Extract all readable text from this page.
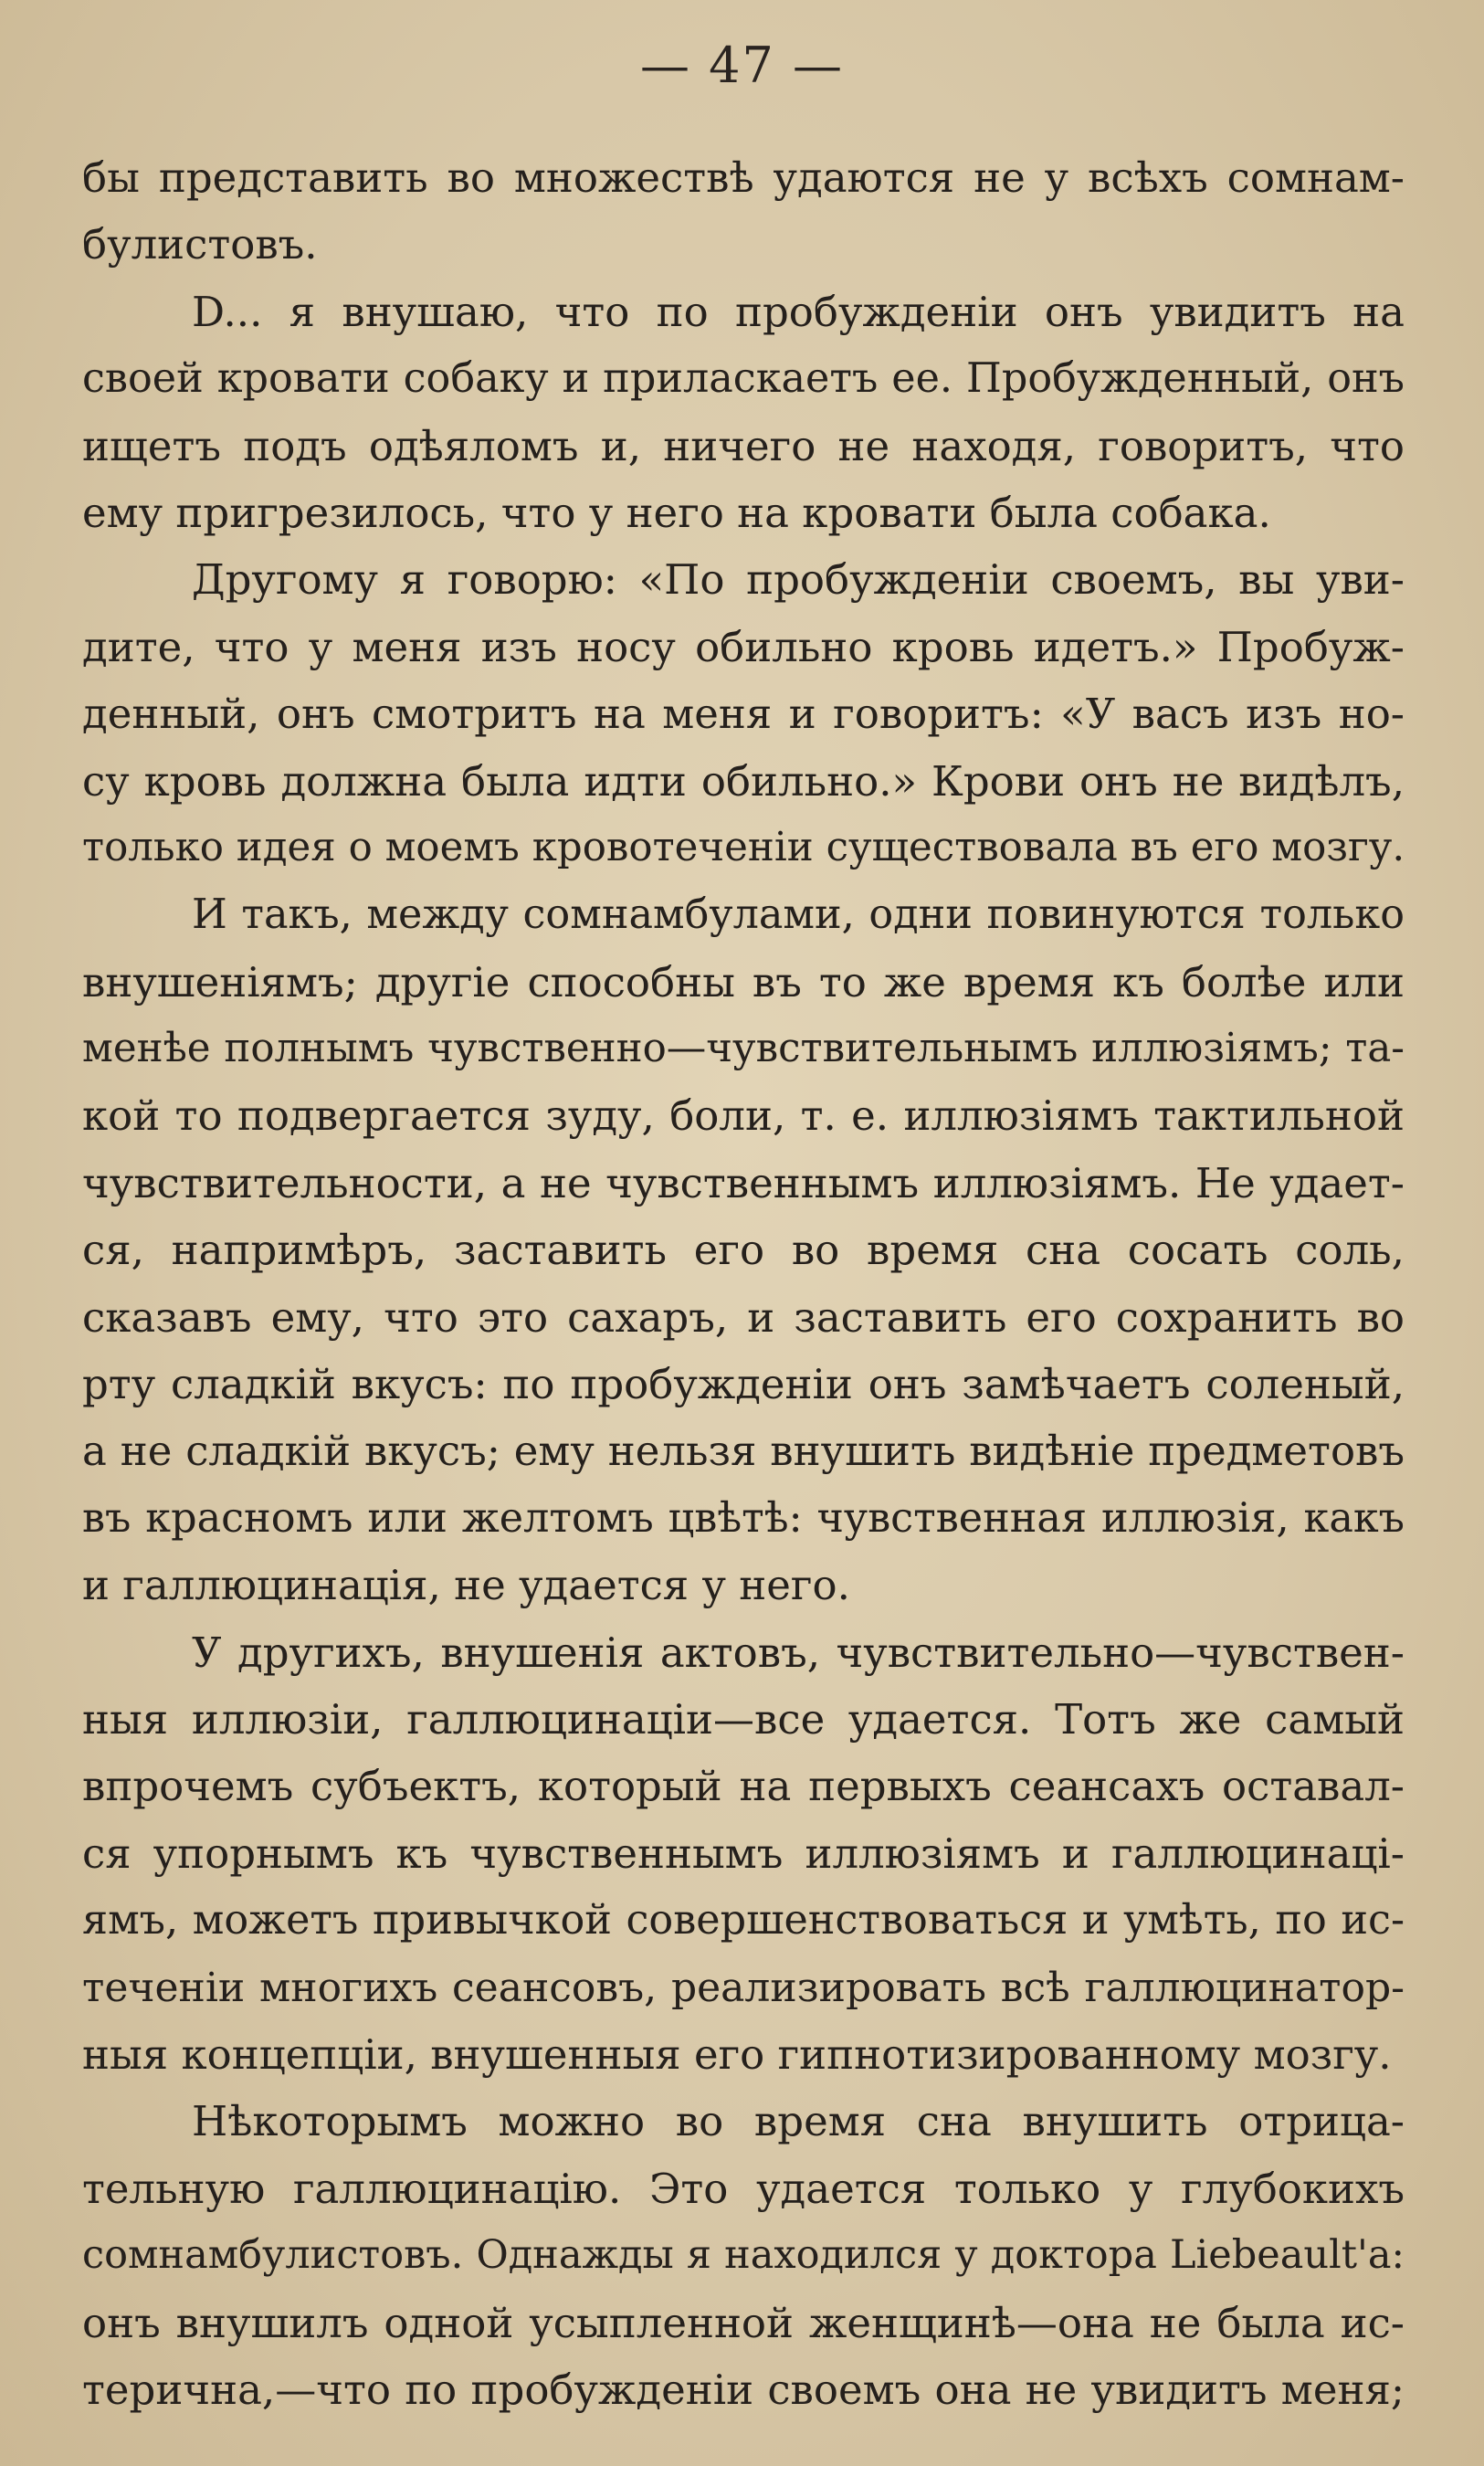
— 47 —
бы представить во множествѣ удаются не у всѣхъ сомнам-
булистовъ.
D... я внушаю, что по пробужденіи онъ увидитъ на
своей кровати собаку и приласкаетъ ее. Пробужденный, онъ
ищетъ подъ одѣяломъ и, ничего не находя, говоритъ, что
ему пригрезилось, что у него на кровати была собака.
Другому я говорю: «По пробужденіи своемъ, вы уви-
дите, что у меня изъ носу обильно кровь идетъ.» Пробуж-
денный, онъ смотритъ на меня и говоритъ: «У васъ изъ но-
су кровь должна была идти обильно.» Крови онъ не видѣлъ,
только идея о моемъ кровотеченіи существовала въ его мозгу.
И такъ, между сомнамбулами, одни повинуются только
внушеніямъ; другіе способны въ то же время къ болѣе или
менѣе полнымъ чувственно—чувствительнымъ иллюзіямъ; та-
кой то подвергается зуду, боли, т. е. иллюзіямъ тактильной
чувствительности, а не чувственнымъ иллюзіямъ. Не удает-
ся, напримѣръ, заставить его во время сна сосать соль,
сказавъ ему, что это сахаръ, и заставить его сохранить во
рту сладкій вкусъ: по пробужденіи онъ замѣчаетъ соленый,
а не сладкій вкусъ; ему нельзя внушить видѣніе предметовъ
въ красномъ или желтомъ цвѣтѣ: чувственная иллюзія, какъ
и галлюцинація, не удается у него.
У другихъ, внушенія актовъ, чувствительно—чувствен-
ныя иллюзіи, галлюцинаціи—все удается. Тотъ же самый
впрочемъ субъектъ, который на первыхъ сеансахъ оставал-
ся упорнымъ къ чувственнымъ иллюзіямъ и галлюцинаці-
ямъ, можетъ привычкой совершенствоваться и умѣть, по ис-
теченіи многихъ сеансовъ, реализировать всѣ галлюцинатор-
ныя концепціи, внушенныя его гипнотизированному мозгу.
Нѣкоторымъ можно во время сна внушить отрица-
тельную галлюцинацію. Это удается только у глубокихъ
сомнамбулистовъ. Однажды я находился у доктора Liebeault'a:
онъ внушилъ одной усыпленной женщинѣ—она не была ис-
терична,—что по пробужденіи своемъ она не увидитъ меня;
